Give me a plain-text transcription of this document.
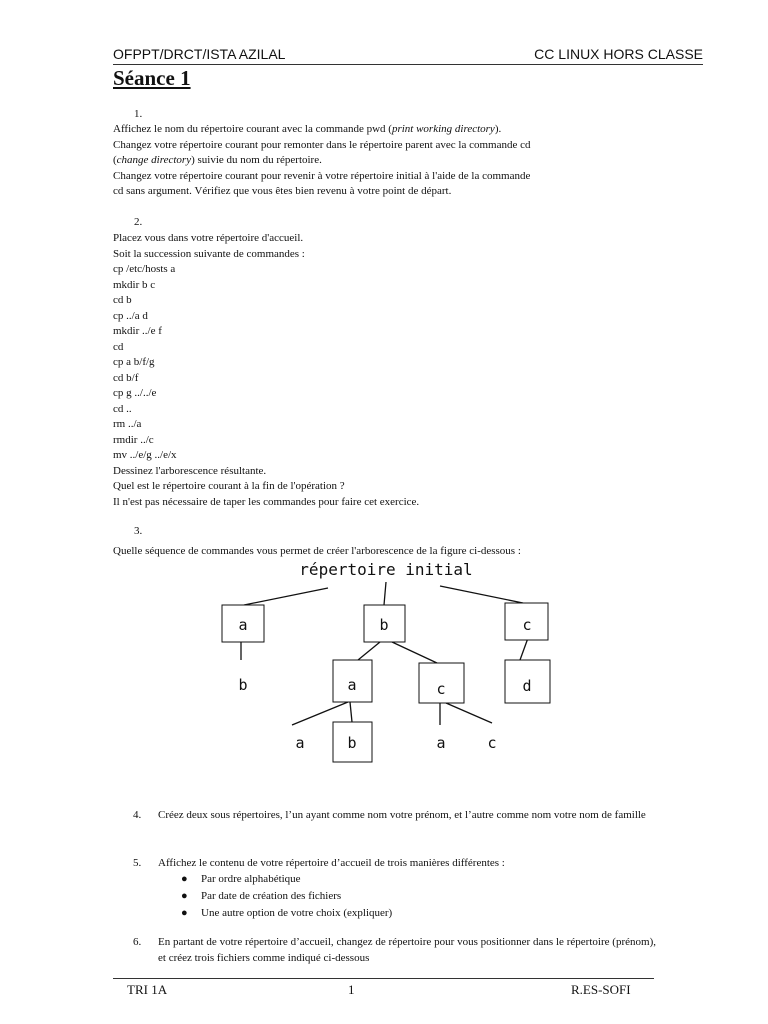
OFPPT/DRCT/ISTA AZILAL	CC LINUX HORS CLASSE
Séance 1
1.
Affichez le nom du répertoire courant avec la commande pwd (print working directory).
Changez votre répertoire courant pour remonter dans le répertoire parent avec la commande cd
(change directory) suivie du nom du répertoire.
Changez votre répertoire courant pour revenir à votre répertoire initial à l'aide de la commande
cd sans argument. Vérifiez que vous êtes bien revenu à votre point de départ.
2.
Placez vous dans votre répertoire d'accueil.
Soit la succession suivante de commandes :
cp /etc/hosts a
mkdir b c
cd b
cp ../a d
mkdir ../e f
cd
cp a b/f/g
cd b/f
cp g ../../e
cd ..
rm ../a
rmdir ../c
mv ../e/g ../e/x
Dessinez l'arborescence résultante.
Quel est le répertoire courant à la fin de l'opération ?
Il n'est pas nécessaire de taper les commandes pour faire cet exercice.
3.
Quelle séquence de commandes vous permet de créer l'arborescence de la figure ci-dessous :
répertoire initial
a	b	c
b	a	c	d
a	b	a	c
4. Créez deux sous répertoires, l’un ayant comme nom votre prénom, et l’autre comme nom votre nom de famille
5. Affichez le contenu de votre répertoire d’accueil de trois manières différentes :
● Par ordre alphabétique
● Par date de création des fichiers
● Une autre option de votre choix (expliquer)
6. En partant de votre répertoire d’accueil, changez de répertoire pour vous positionner dans le répertoire (prénom), et créez trois fichiers comme indiqué ci-dessous
TRI 1A	1	R.ES-SOFI
